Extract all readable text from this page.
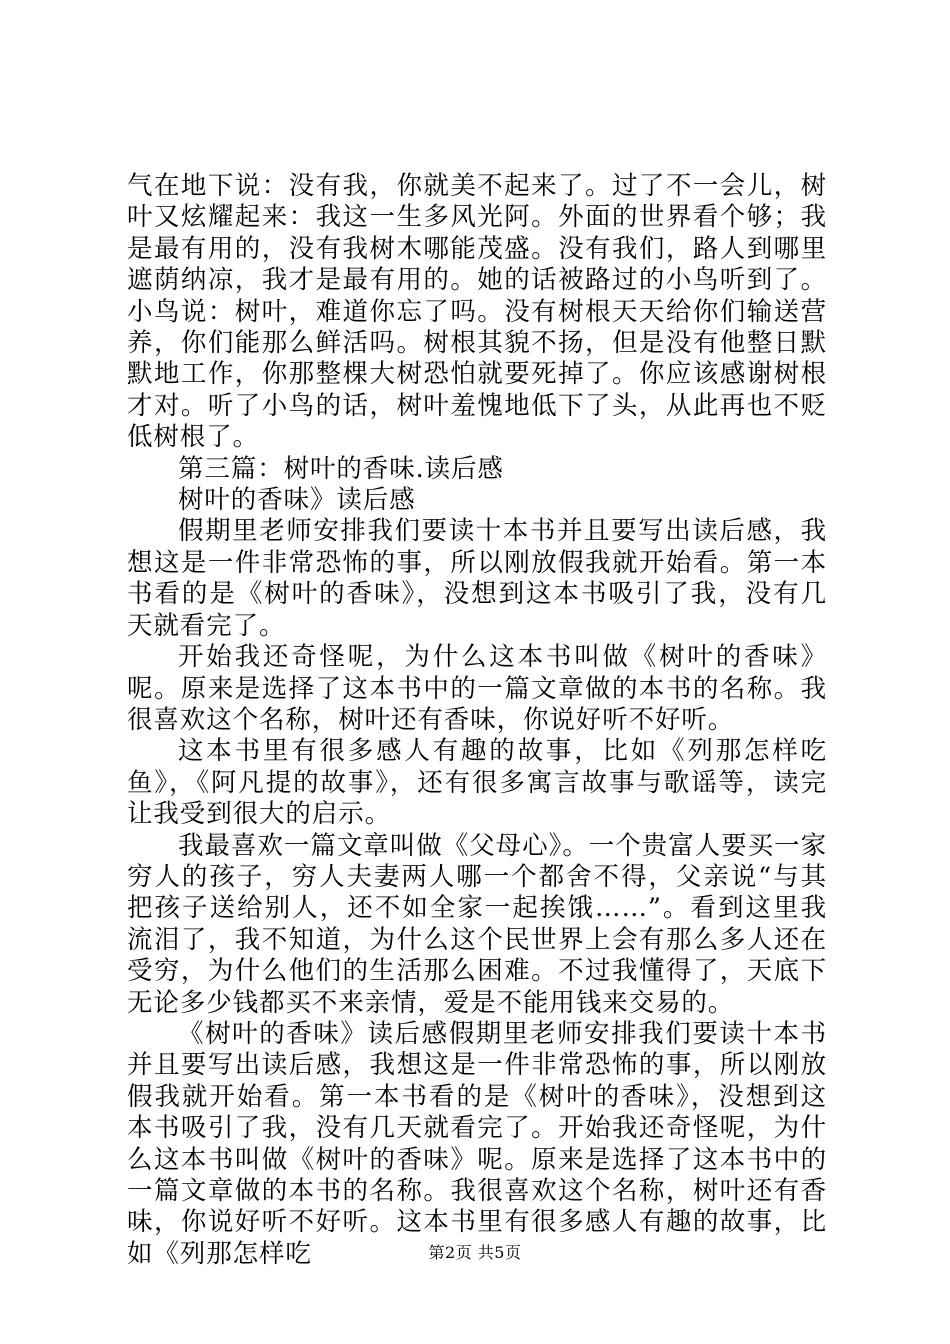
气在地下说：没有我，你就美不起来了。过了不一会儿，树叶又炫耀起来：我这一生多风光阿。外面的世界看个够；我是最有用的，没有我树木哪能茂盛。没有我们，路人到哪里遮荫纳凉，我才是最有用的。她的话被路过的小鸟听到了。小鸟说：树叶，难道你忘了吗。没有树根天天给你们输送营养，你们能那么鲜活吗。树根其貌不扬，但是没有他整日默默地工作，你那整棵大树恐怕就要死掉了。你应该感谢树根才对。听了小鸟的话，树叶羞愧地低下了头，从此再也不贬低树根了。

第三篇：树叶的香味.读后感

树叶的香味》读后感

假期里老师安排我们要读十本书并且要写出读后感，我想这是一件非常恐怖的事，所以刚放假我就开始看。第一本书看的是《树叶的香味》，没想到这本书吸引了我，没有几天就看完了。

开始我还奇怪呢，为什么这本书叫做《树叶的香味》呢。原来是选择了这本书中的一篇文章做的本书的名称。我很喜欢这个名称，树叶还有香味，你说好听不好听。

这本书里有很多感人有趣的故事，比如《列那怎样吃鱼》，《阿凡提的故事》，还有很多寓言故事与歌谣等，读完让我受到很大的启示。

我最喜欢一篇文章叫做《父母心》。一个贵富人要买一家穷人的孩子，穷人夫妻两人哪一个都舍不得，父亲说“与其把孩子送给别人，还不如全家一起挨饿……”。看到这里我流泪了，我不知道，为什么这个民世界上会有那么多人还在受穷，为什么他们的生活那么困难。不过我懂得了，天底下无论多少钱都买不来亲情，爱是不能用钱来交易的。

《树叶的香味》读后感假期里老师安排我们要读十本书并且要写出读后感，我想这是一件非常恐怖的事，所以刚放假我就开始看。第一本书看的是《树叶的香味》，没想到这本书吸引了我，没有几天就看完了。开始我还奇怪呢，为什么这本书叫做《树叶的香味》呢。原来是选择了这本书中的一篇文章做的本书的名称。我很喜欢这个名称，树叶还有香味，你说好听不好听。这本书里有很多感人有趣的故事，比如《列那怎样吃	第2页 共5页
